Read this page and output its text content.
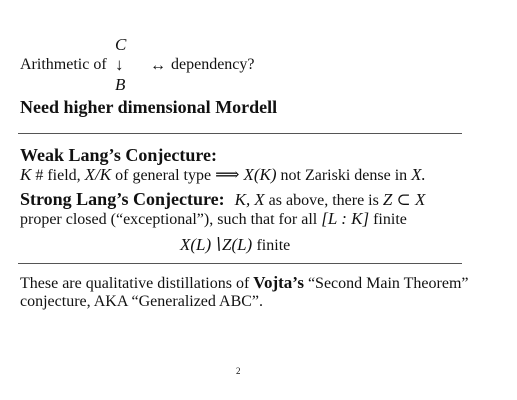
C
Arithmetic of ↓
B
↔ dependency?
Need higher dimensional Mordell
Weak Lang’s Conjecture:
K # field, X/K of general type ⟹ X(K) not Zariski dense in X.
Strong Lang’s Conjecture: K, X as above, there is Z ⊂ X
proper closed (“exceptional”), such that for all [L : K] finite
X(L)∖Z(L) finite
These are qualitative distillations of Vojta’s “Second Main Theorem”
conjecture, AKA “Generalized ABC”.
2
